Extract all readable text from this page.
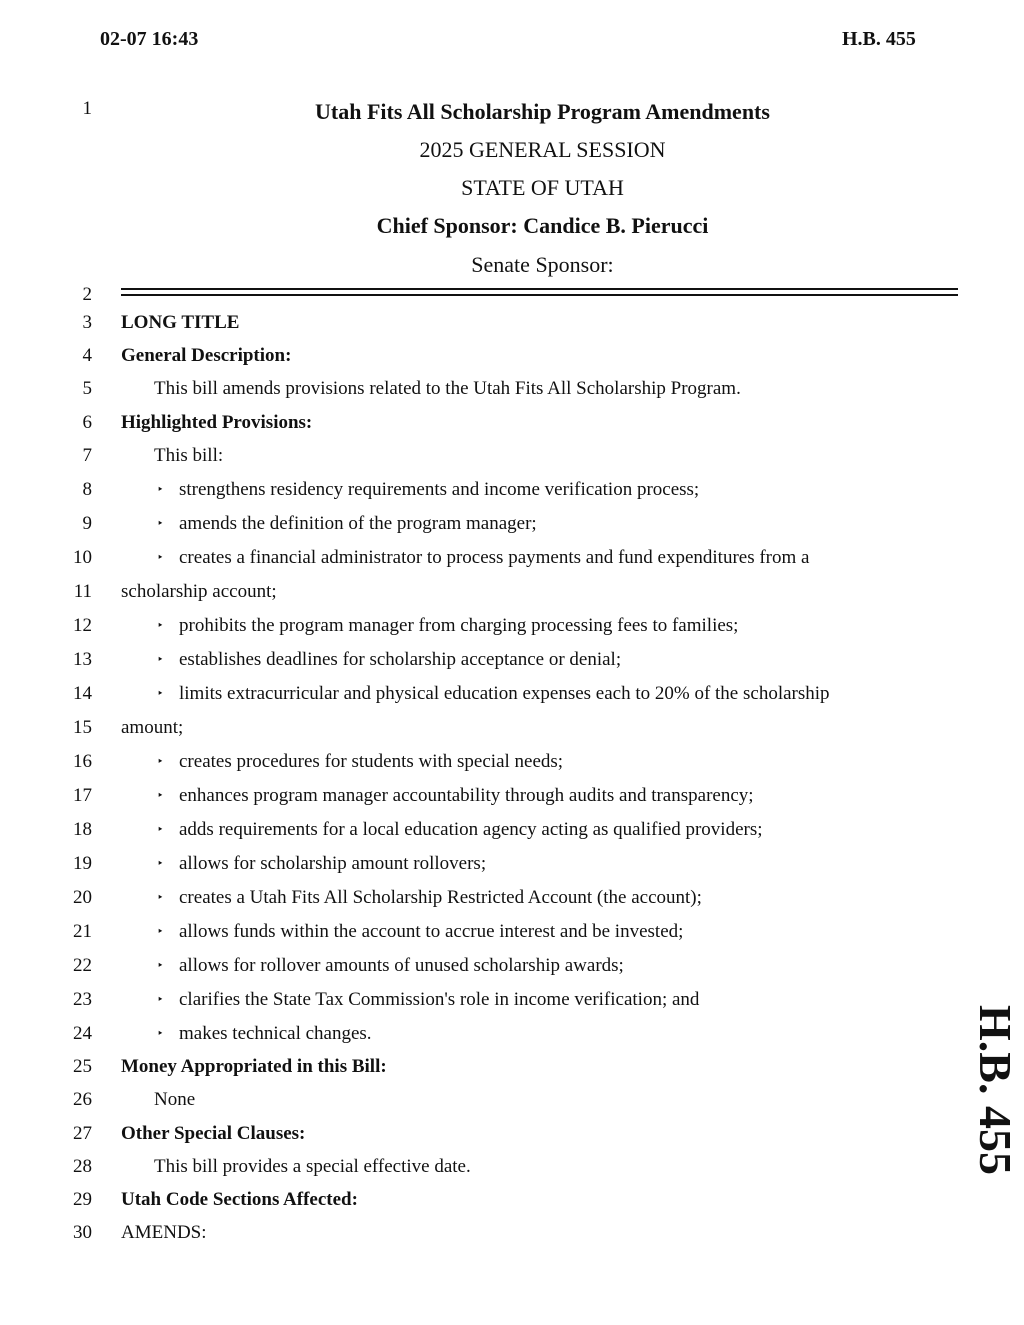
02-07 16:43	H.B. 455
1
2
3
4
5
6
7
8
9
10
11
12
13
14
15
16
17
18
19
20
21
22
23
24
25
26
27
28
29
30
Utah Fits All Scholarship Program Amendments
2025 GENERAL SESSION
STATE OF UTAH
Chief Sponsor: Candice B. Pierucci
Senate Sponsor:
LONG TITLE
General Description:
This bill amends provisions related to the Utah Fits All Scholarship Program.
Highlighted Provisions:
This bill:
‣ strengthens residency requirements and income verification process;
‣ amends the definition of the program manager;
‣ creates a financial administrator to process payments and fund expenditures from a
scholarship account;
‣ prohibits the program manager from charging processing fees to families;
‣ establishes deadlines for scholarship acceptance or denial;
‣ limits extracurricular and physical education expenses each to 20% of the scholarship
amount;
‣ creates procedures for students with special needs;
‣ enhances program manager accountability through audits and transparency;
‣ adds requirements for a local education agency acting as qualified providers;
‣ allows for scholarship amount rollovers;
‣ creates a Utah Fits All Scholarship Restricted Account (the account);
‣ allows funds within the account to accrue interest and be invested;
‣ allows for rollover amounts of unused scholarship awards;
‣ clarifies the State Tax Commission's role in income verification; and
‣ makes technical changes.
Money Appropriated in this Bill:
None
Other Special Clauses:
This bill provides a special effective date.
Utah Code Sections Affected:
AMENDS:
H.B. 455
